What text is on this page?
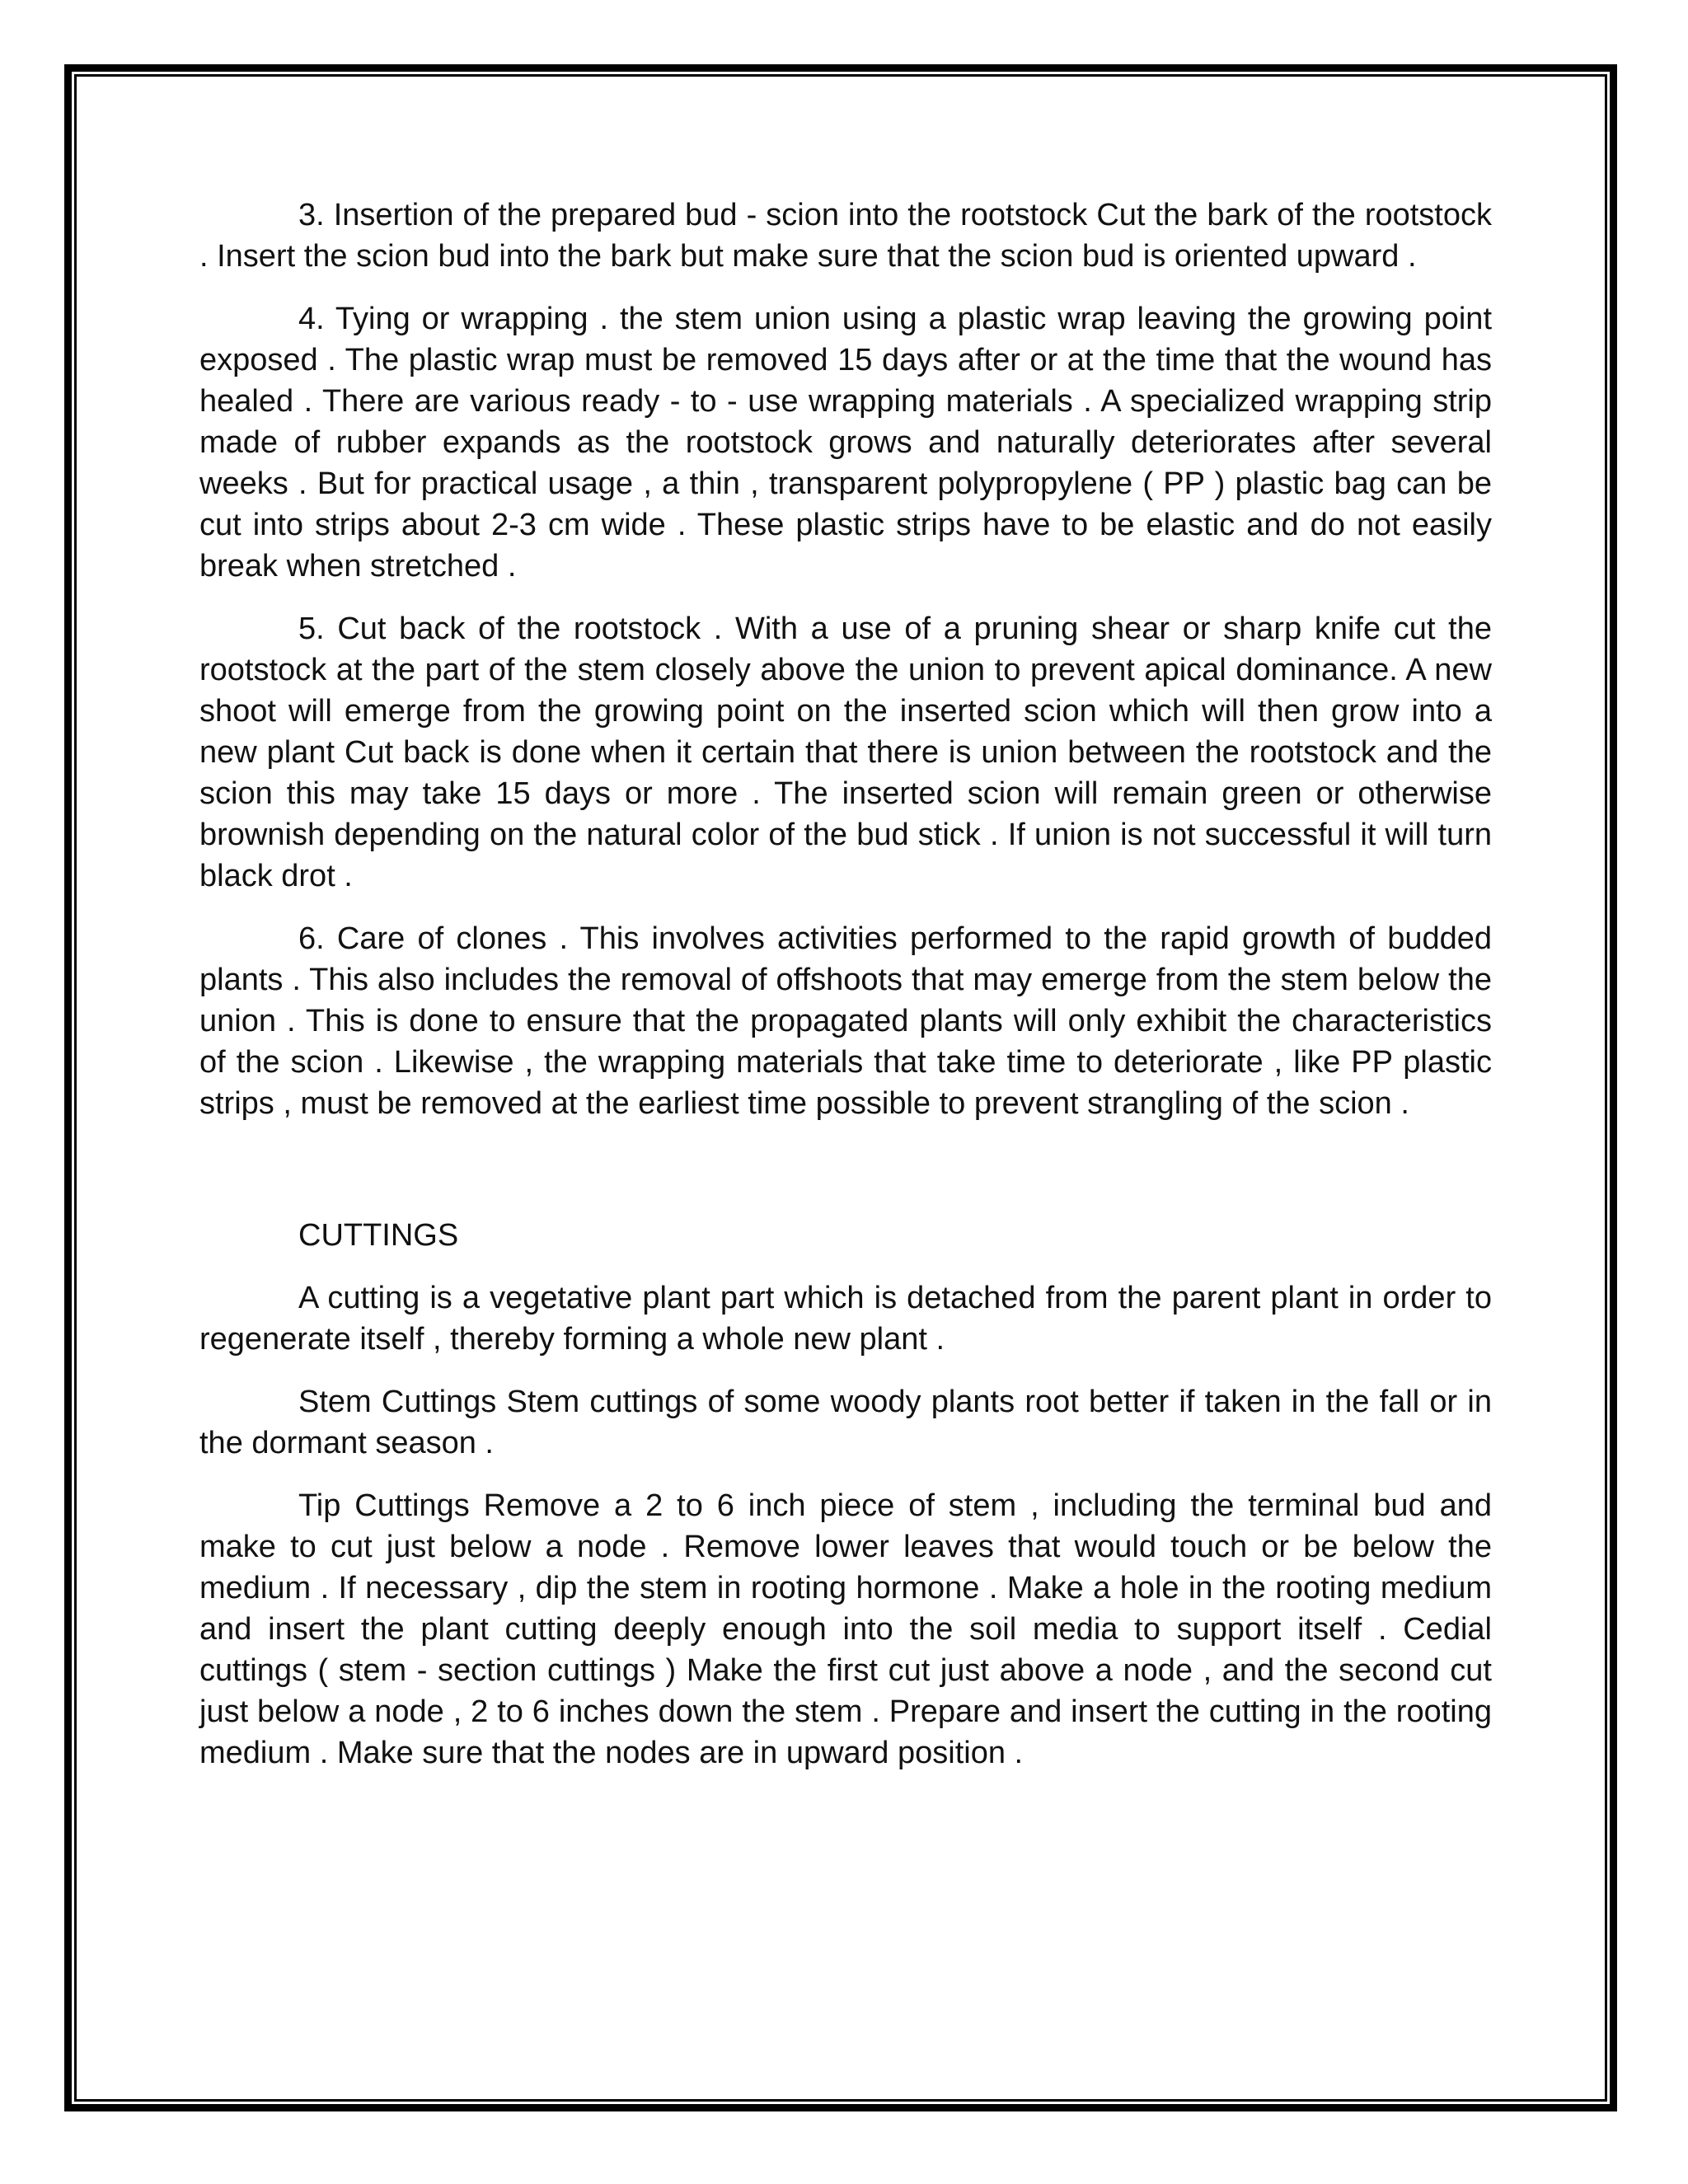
3. Insertion of the prepared bud - scion into the rootstock Cut the bark of the rootstock . Insert the scion bud into the bark but make sure that the scion bud is oriented upward .

4. Tying or wrapping . the stem union using a plastic wrap leaving the growing point exposed . The plastic wrap must be removed 15 days after or at the time that the wound has healed . There are various ready - to - use wrapping materials . A specialized wrapping strip made of rubber expands as the rootstock grows and naturally deteriorates after several weeks . But for practical usage , a thin , transparent polypropylene ( PP ) plastic bag can be cut into strips about 2-3 cm wide . These plastic strips have to be elastic and do not easily break when stretched .

5. Cut back of the rootstock . With a use of a pruning shear or sharp knife cut the rootstock at the part of the stem closely above the union to prevent apical dominance. A new shoot will emerge from the growing point on the inserted scion which will then grow into a new plant Cut back is done when it certain that there is union between the rootstock and the scion this may take 15 days or more . The inserted scion will remain green or otherwise brownish depending on the natural color of the bud stick . If union is not successful it will turn black drot .

6. Care of clones . This involves activities performed to the rapid growth of budded plants . This also includes the removal of offshoots that may emerge from the stem below the union . This is done to ensure that the propagated plants will only exhibit the characteristics of the scion . Likewise , the wrapping materials that take time to deteriorate , like PP plastic strips , must be removed at the earliest time possible to prevent strangling of the scion .

CUTTINGS

A cutting is a vegetative plant part which is detached from the parent plant in order to regenerate itself , thereby forming a whole new plant .

Stem Cuttings Stem cuttings of some woody plants root better if taken in the fall or in the dormant season .

Tip Cuttings Remove a 2 to 6 inch piece of stem , including the terminal bud and make to cut just below a node . Remove lower leaves that would touch or be below the medium . If necessary , dip the stem in rooting hormone . Make a hole in the rooting medium and insert the plant cutting deeply enough into the soil media to support itself . Cedial cuttings ( stem - section cuttings ) Make the first cut just above a node , and the second cut just below a node , 2 to 6 inches down the stem . Prepare and insert the cutting in the rooting medium . Make sure that the nodes are in upward position .
